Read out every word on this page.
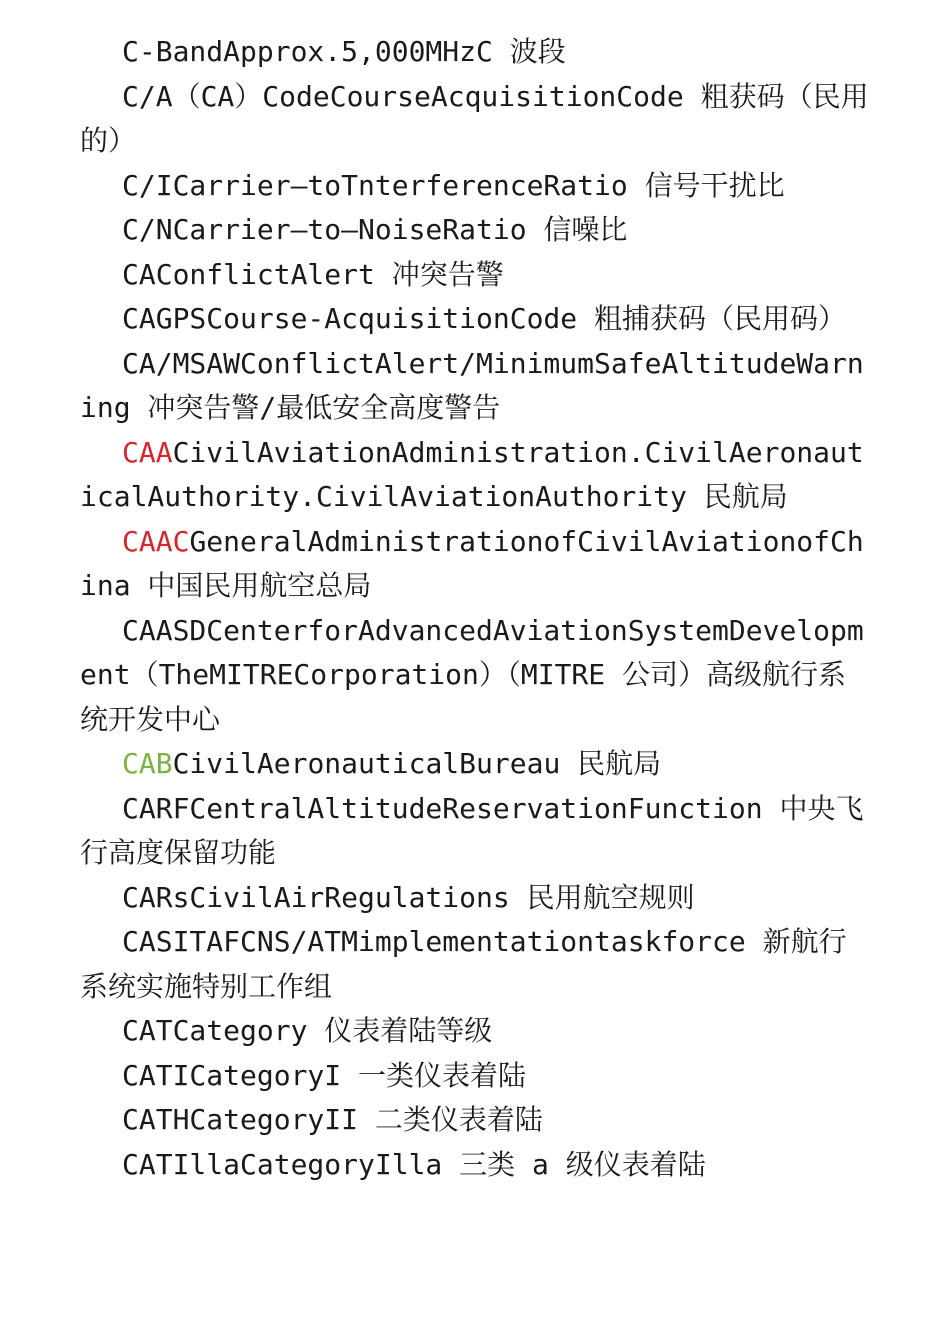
C-BandApprox.5,000MHzC 波段

C/A（CA）CodeCourseAcquisitionCode 粗获码（民用的）

C/ICarrier—toTnterferenceRatio 信号干扰比

C/NCarrier—to—NoiseRatio 信噪比

CAConflictAlert 冲突告警

CAGPSCourse-AcquisitionCode 粗捕获码（民用码）

CA/MSAWConflictAlert/MinimumSafeAltitudeWarning 冲突告警/最低安全高度警告

CAACivilAviationAdministration.CivilAeronauticalAuthority.CivilAviationAuthority 民航局

CAACGeneralAdministrationofCivilAviationofChina 中国民用航空总局

CAASDCenterforAdvancedAviationSystemDevelopment（TheMITRECorporation）（MITRE 公司）高级航行系统开发中心

CABCivilAeronauticalBureau 民航局

CARFCentralAltitudeReservationFunction 中央飞行高度保留功能

CARsCivilAirRegulations 民用航空规则

CASITAFCNS/ATMimplementationtaskforce 新航行系统实施特别工作组

CATCategory 仪表着陆等级

CATICategoryI 一类仪表着陆

CATHCategoryII 二类仪表着陆

CATIllaCategoryIlla 三类 a 级仪表着陆
